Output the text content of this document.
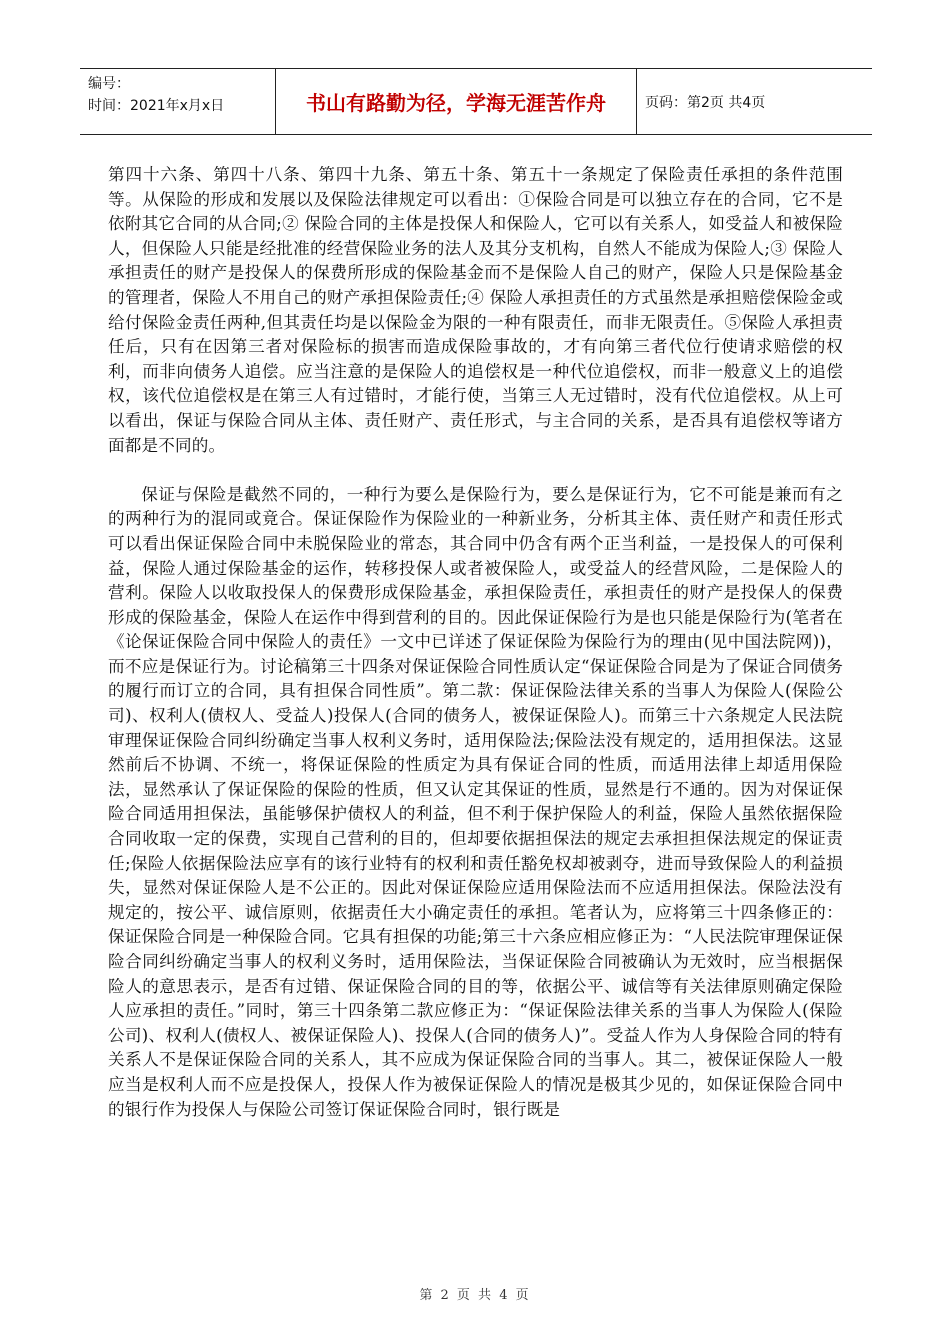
编号：
时间：2021年x月x日	书山有路勤为径，学海无涯苦作舟	页码：第2页 共4页

第四十六条、第四十八条、第四十九条、第五十条、第五十一条规定了保险责任承担的条件范围等。从保险的形成和发展以及保险法律规定可以看出：①保险合同是可以独立存在的合同，它不是依附其它合同的从合同;② 保险合同的主体是投保人和保险人，它可以有关系人，如受益人和被保险人，但保险人只能是经批准的经营保险业务的法人及其分支机构，自然人不能成为保险人;③ 保险人承担责任的财产是投保人的保费所形成的保险基金而不是保险人自己的财产，保险人只是保险基金的管理者，保险人不用自己的财产承担保险责任;④ 保险人承担责任的方式虽然是承担赔偿保险金或给付保险金责任两种,但其责任均是以保险金为限的一种有限责任，而非无限责任。⑤保险人承担责任后，只有在因第三者对保险标的损害而造成保险事故的，才有向第三者代位行使请求赔偿的权利，而非向债务人追偿。应当注意的是保险人的追偿权是一种代位追偿权，而非一般意义上的追偿权，该代位追偿权是在第三人有过错时，才能行使，当第三人无过错时，没有代位追偿权。从上可以看出，保证与保险合同从主体、责任财产、责任形式，与主合同的关系，是否具有追偿权等诸方面都是不同的。

保证与保险是截然不同的，一种行为要么是保险行为，要么是保证行为，它不可能是兼而有之的两种行为的混同或竟合。保证保险作为保险业的一种新业务，分析其主体、责任财产和责任形式可以看出保证保险合同中未脱保险业的常态，其合同中仍含有两个正当利益，一是投保人的可保利益，保险人通过保险基金的运作，转移投保人或者被保险人，或受益人的经营风险，二是保险人的营利。保险人以收取投保人的保费形成保险基金，承担保险责任，承担责任的财产是投保人的保费形成的保险基金，保险人在运作中得到营利的目的。因此保证保险行为是也只能是保险行为(笔者在《论保证保险合同中保险人的责任》一文中已详述了保证保险为保险行为的理由(见中国法院网))，而不应是保证行为。讨论稿第三十四条对保证保险合同性质认定“保证保险合同是为了保证合同债务的履行而订立的合同，具有担保合同性质”。第二款：保证保险法律关系的当事人为保险人(保险公司)、权利人(债权人、受益人)投保人(合同的债务人，被保证保险人)。而第三十六条规定人民法院审理保证保险合同纠纷确定当事人权利义务时，适用保险法;保险法没有规定的，适用担保法。这显然前后不协调、不统一，将保证保险的性质定为具有保证合同的性质，而适用法律上却适用保险法，显然承认了保证保险的保险的性质，但又认定其保证的性质，显然是行不通的。因为对保证保险合同适用担保法，虽能够保护债权人的利益，但不利于保护保险人的利益，保险人虽然依据保险合同收取一定的保费，实现自己营利的目的，但却要依据担保法的规定去承担担保法规定的保证责任;保险人依据保险法应享有的该行业特有的权利和责任豁免权却被剥夺，进而导致保险人的利益损失，显然对保证保险人是不公正的。因此对保证保险应适用保险法而不应适用担保法。保险法没有规定的，按公平、诚信原则，依据责任大小确定责任的承担。笔者认为，应将第三十四条修正的：保证保险合同是一种保险合同。它具有担保的功能;第三十六条应相应修正为：“人民法院审理保证保险合同纠纷确定当事人的权利义务时，适用保险法，当保证保险合同被确认为无效时，应当根据保险人的意思表示，是否有过错、保证保险合同的目的等，依据公平、诚信等有关法律原则确定保险人应承担的责任。”同时，第三十四条第二款应修正为：“保证保险法律关系的当事人为保险人(保险公司)、权利人(债权人、被保证保险人)、投保人(合同的债务人)”。受益人作为人身保险合同的特有关系人不是保证保险合同的关系人，其不应成为保证保险合同的当事人。其二，被保证保险人一般应当是权利人而不应是投保人，投保人作为被保证保险人的情况是极其少见的，如保证保险合同中的银行作为投保人与保险公司签订保证保险合同时，银行既是

第 2 页 共 4 页
